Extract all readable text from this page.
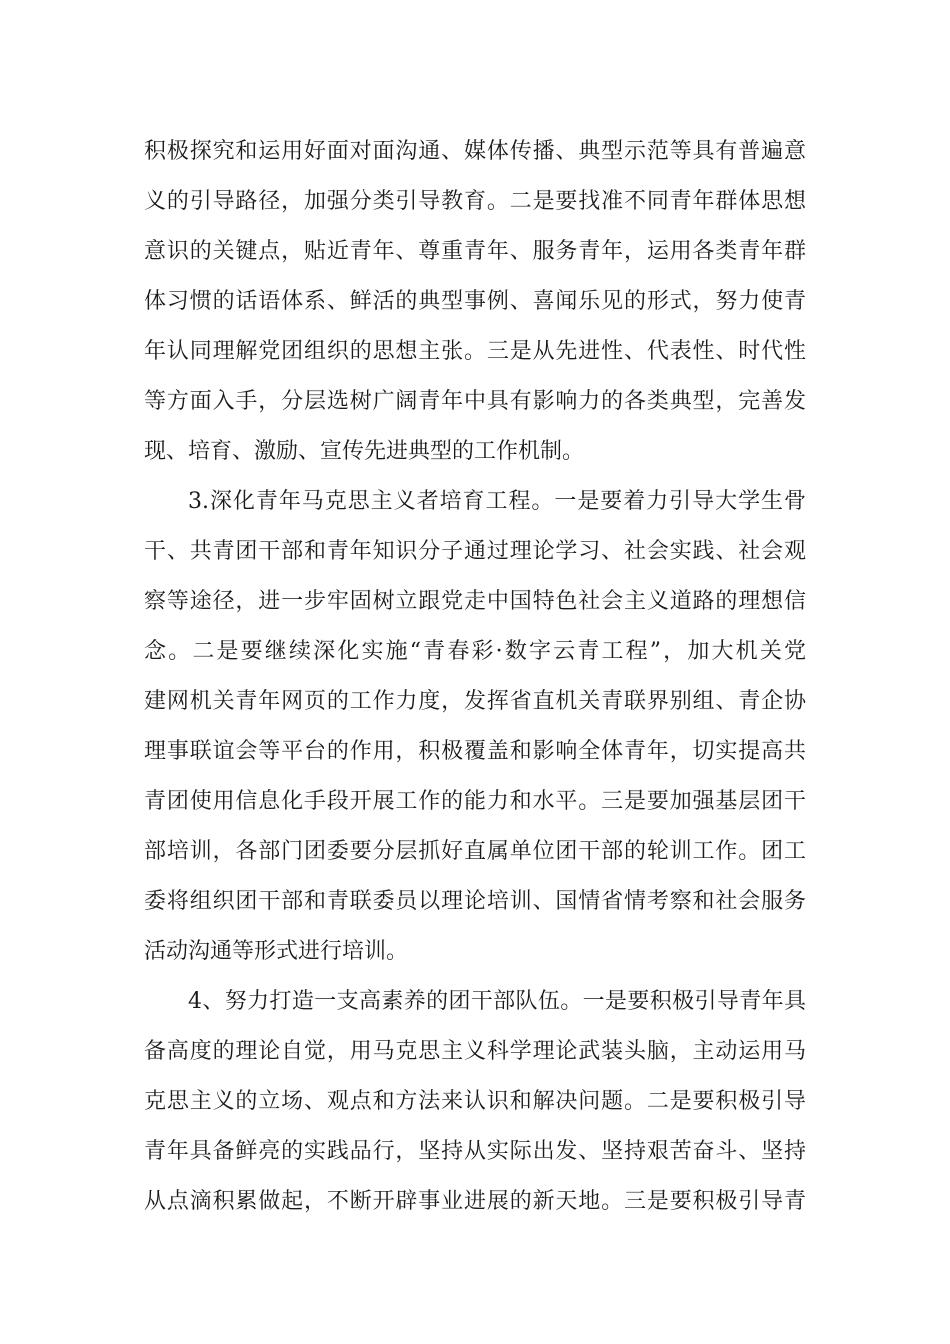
积极探究和运用好面对面沟通、媒体传播、典型示范等具有普遍意
义的引导路径，加强分类引导教育。二是要找准不同青年群体思想
意识的关键点，贴近青年、尊重青年、服务青年，运用各类青年群
体习惯的话语体系、鲜活的典型事例、喜闻乐见的形式，努力使青
年认同理解党团组织的思想主张。三是从先进性、代表性、时代性
等方面入手，分层选树广阔青年中具有影响力的各类典型，完善发
现、培育、激励、宣传先进典型的工作机制。
3.深化青年马克思主义者培育工程。一是要着力引导大学生骨
干、共青团干部和青年知识分子通过理论学习、社会实践、社会观
察等途径，进一步牢固树立跟党走中国特色社会主义道路的理想信
念。二是要继续深化实施“青春彩·数字云青工程”，加大机关党
建网机关青年网页的工作力度，发挥省直机关青联界别组、青企协
理事联谊会等平台的作用，积极覆盖和影响全体青年，切实提高共
青团使用信息化手段开展工作的能力和水平。三是要加强基层团干
部培训，各部门团委要分层抓好直属单位团干部的轮训工作。团工
委将组织团干部和青联委员以理论培训、国情省情考察和社会服务
活动沟通等形式进行培训。
4、努力打造一支高素养的团干部队伍。一是要积极引导青年具
备高度的理论自觉，用马克思主义科学理论武装头脑，主动运用马
克思主义的立场、观点和方法来认识和解决问题。二是要积极引导
青年具备鲜亮的实践品行，坚持从实际出发、坚持艰苦奋斗、坚持
从点滴积累做起，不断开辟事业进展的新天地。三是要积极引导青
